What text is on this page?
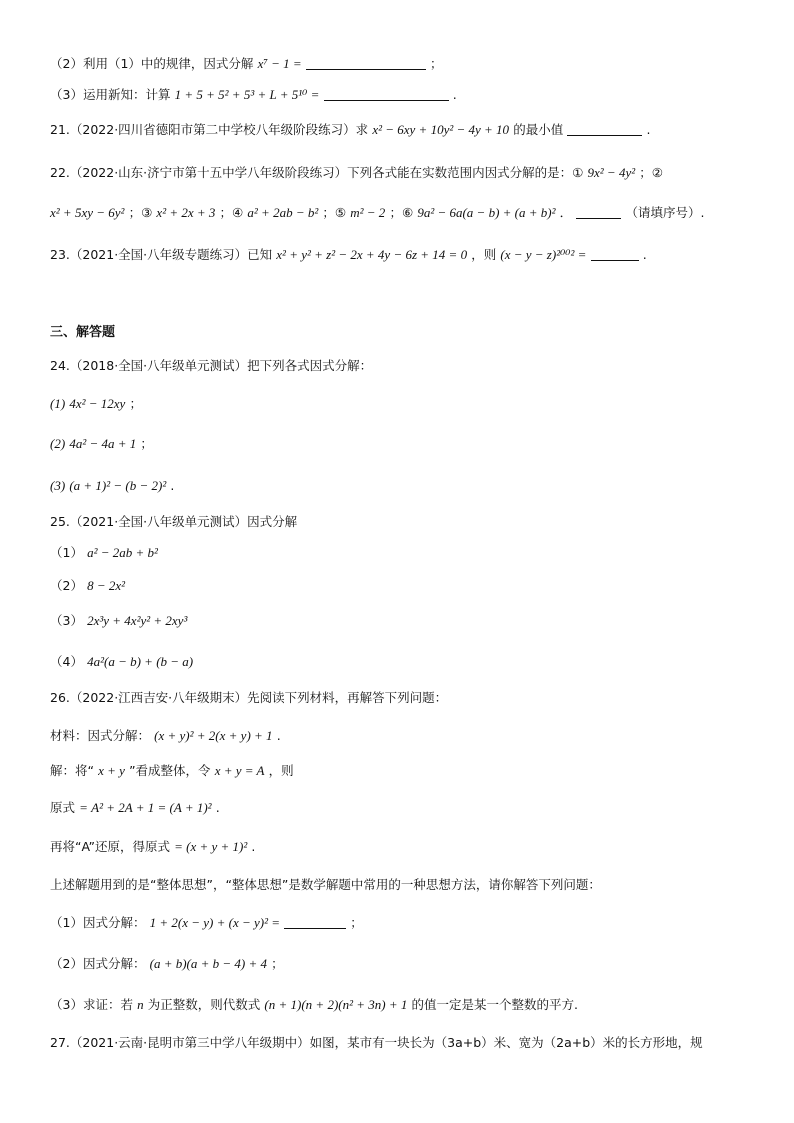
（2）利用（1）中的规律，因式分解 x⁷ − 1 =	；
（3）运用新知：计算 1 + 5 + 5² + 5³ + L + 5¹⁰ =	.
21.（2022·四川省德阳市第二中学校八年级阶段练习）求 x² − 6xy + 10y² − 4y + 10 的最小值	.
22.（2022·山东·济宁市第十五中学八年级阶段练习）下列各式能在实数范围内因式分解的是：① 9x² − 4y² ；②
x² + 5xy − 6y² ；③ x² + 2x + 3 ；④ a² + 2ab − b² ；⑤ m² − 2 ；⑥ 9a² − 6a(a − b) + (a + b)² ．	（请填序号）.
23.（2021·全国·八年级专题练习）已知 x² + y² + z² − 2x + 4y − 6z + 14 = 0 ，则 (x − y − z)²⁰⁰² =	.
三、解答题
24.（2018·全国·八年级单元测试）把下列各式因式分解：
(1) 4x² − 12xy ；
(2) 4a² − 4a + 1 ；
(3) (a + 1)² − (b − 2)² .
25.（2021·全国·八年级单元测试）因式分解
（1） a² − 2ab + b²
（2） 8 − 2x²
（3） 2x³y + 4x²y² + 2xy³
（4） 4a²(a − b) + (b − a)
26.（2022·江西吉安·八年级期末）先阅读下列材料，再解答下列问题：
材料：因式分解： (x + y)² + 2(x + y) + 1 .
解：将“ x + y ”看成整体，令 x + y = A ，则
原式 = A² + 2A + 1 = (A + 1)² .
再将“A”还原，得原式 = (x + y + 1)² .
上述解题用到的是“整体思想”，“整体思想”是数学解题中常用的一种思想方法，请你解答下列问题：
（1）因式分解： 1 + 2(x − y) + (x − y)² =	；
（2）因式分解： (a + b)(a + b − 4) + 4 ；
（3）求证：若 n 为正整数，则代数式 (n + 1)(n + 2)(n² + 3n) + 1 的值一定是某一个整数的平方.
27.（2021·云南·昆明市第三中学八年级期中）如图，某市有一块长为（3a+b）米、宽为（2a+b）米的长方形地，规
